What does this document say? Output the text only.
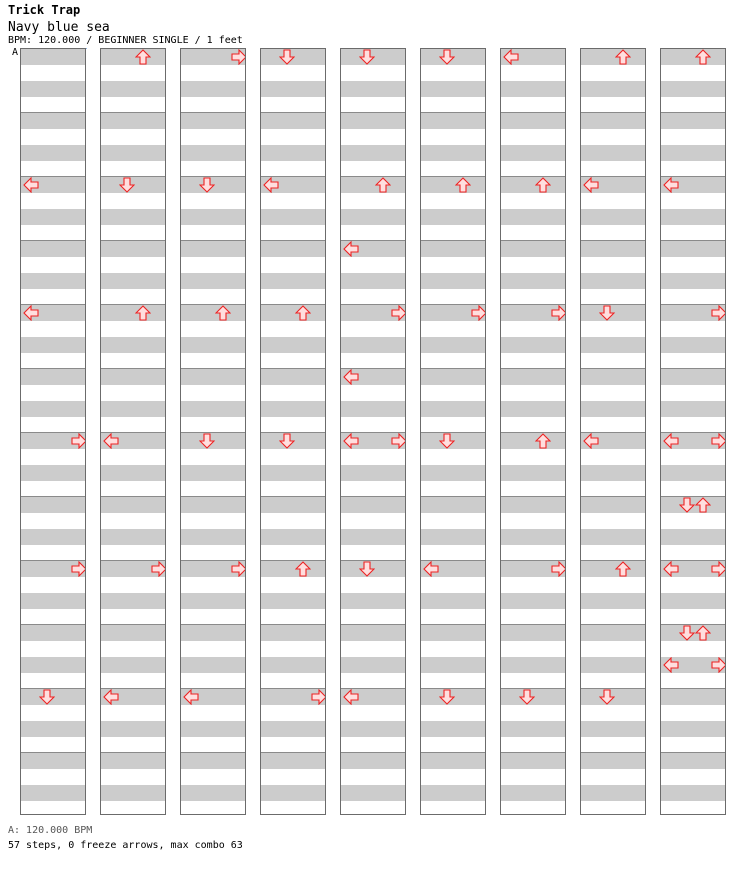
Trick Trap
Navy blue sea
BPM: 120.000 / BEGINNER SINGLE / 1 feet
A
A: 120.000 BPM
57 steps, 0 freeze arrows, max combo 63
